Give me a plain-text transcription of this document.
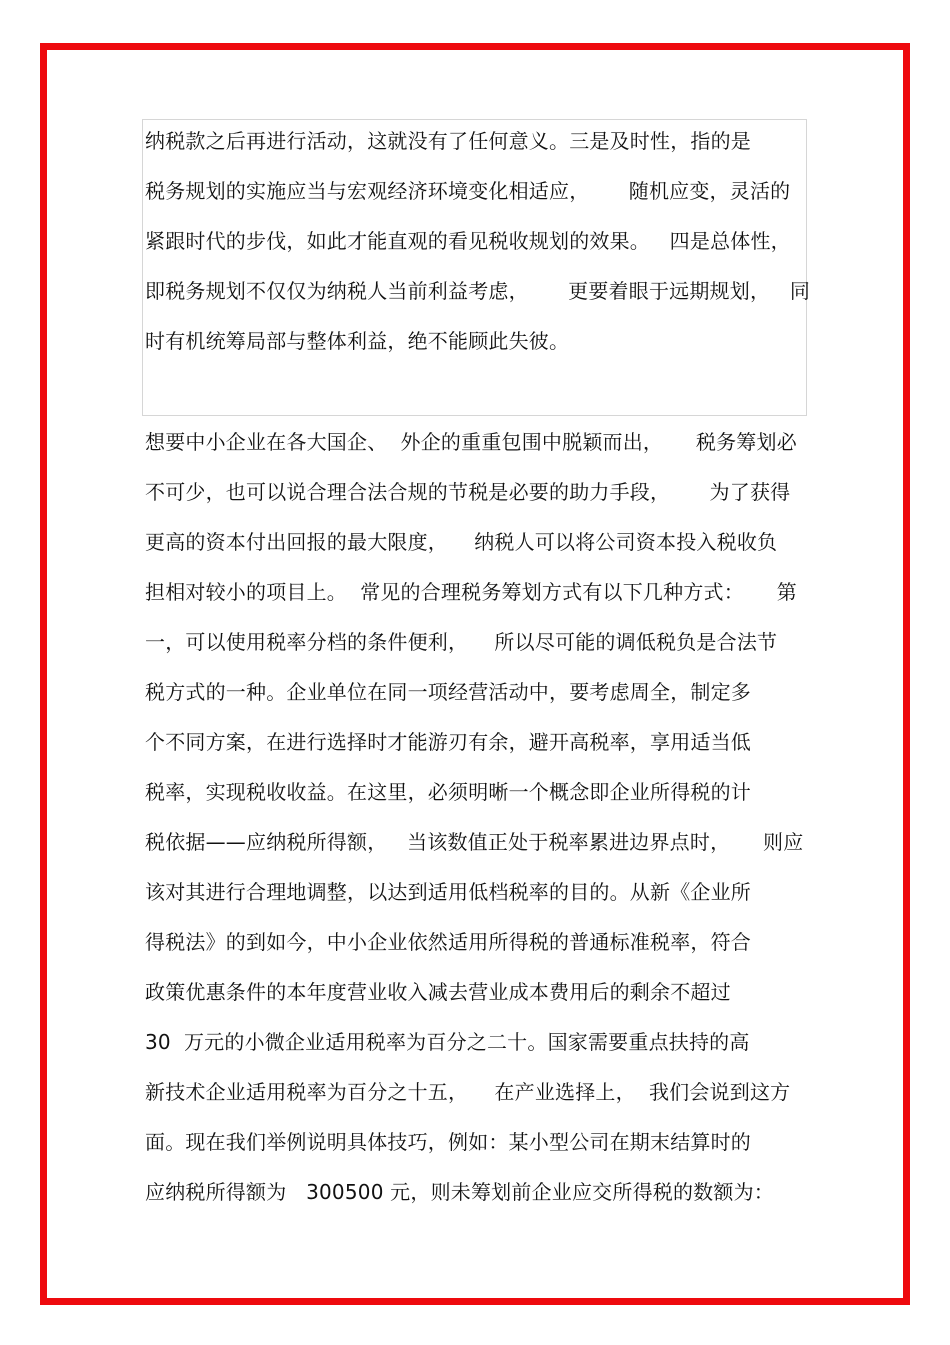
纳税款之后再进行活动，这就没有了任何意义。三是及时性，指的是
税务规划的实施应当与宏观经济环境变化相适应，      随机应变，灵活的
紧跟时代的步伐，如此才能直观的看见税收规划的效果。   四是总体性，
即税务规划不仅仅为纳税人当前利益考虑，      更要着眼于远期规划，   同
时有机统筹局部与整体利益，绝不能顾此失彼。
想要中小企业在各大国企、  外企的重重包围中脱颖而出，     税务筹划必
不可少，也可以说合理合法合规的节税是必要的助力手段，      为了获得
更高的资本付出回报的最大限度，    纳税人可以将公司资本投入税收负
担相对较小的项目上。  常见的合理税务筹划方式有以下几种方式：     第
一，可以使用税率分档的条件便利，    所以尽可能的调低税负是合法节
税方式的一种。企业单位在同一项经营活动中，要考虑周全，制定多
个不同方案，在进行选择时才能游刃有余，避开高税率，享用适当低
税率，实现税收收益。在这里，必须明晰一个概念即企业所得税的计
税依据——应纳税所得额，   当该数值正处于税率累进边界点时，     则应
该对其进行合理地调整，以达到适用低档税率的目的。从新《企业所
得税法》的到如今，中小企业依然适用所得税的普通标准税率，符合
政策优惠条件的本年度营业收入减去营业成本费用后的剩余不超过
30  万元的小微企业适用税率为百分之二十。国家需要重点扶持的高
新技术企业适用税率为百分之十五，    在产业选择上，  我们会说到这方
面。现在我们举例说明具体技巧，例如：某小型公司在期末结算时的
应纳税所得额为   300500 元，则未筹划前企业应交所得税的数额为：
